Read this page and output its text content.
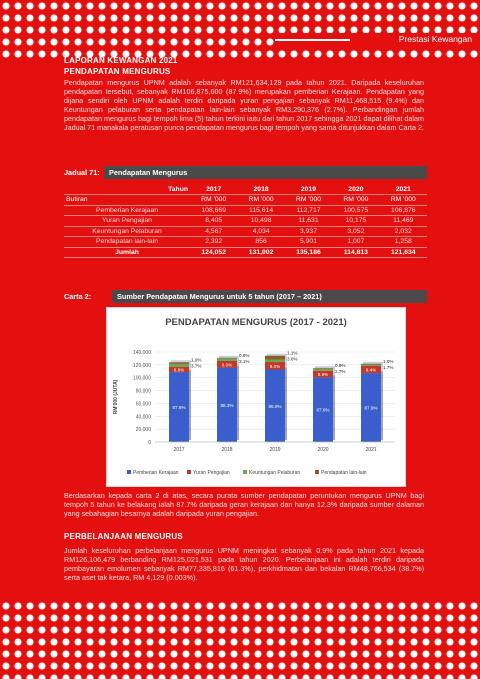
Prestasi Kewangan
LAPORAN KEWANGAN 2021
PENDAPATAN MENGURUS
Pendapatan mengurus UPNM adalah sebanyak RM121,634,129 pada tahun 2021. Daripada keseluruhan pendapatan tersebut, sebanyak RM106,875,600 (87.9%) merupakan pemberian Kerajaan. Pendapatan yang dijana sendiri oleh UPNM adalah terdiri daripada yuran pengajian sebanyak RM11,468,515 (9.4%) dan Keuntungan pelaburan serta pendapatan lain-lain sebanyak RM3,290,376 (2.7%). Perbandingan jumlah pendapatan mengurus bagi tempoh lima (5) tahun terkini iaitu dari tahun 2017 sehingga 2021 dapat dilihat dalam Jadual 71 manakala peratusan punca pendapatan mengurus bagi tempoh yang sama ditunjukkan dalam Carta 2.
Jadual 71:	Pendapatan Mengurus
Tahun	2017	2018	2019	2020	2021
Butiran	RM '000	RM '000	RM '000	RM '000	RM '000
Pemberian Kerajaan	108,669	115,614	112,717	100,575	106,876
Yuran Pengajian	8,405	10,498	11,631	10,175	11,469
Keuntungan Pelaburan	4,567	4,034	3,937	3,052	2,032
Pendapatan lain-lain	2,392	856	5,901	1,007	1,258
Jumlah	124,052	131,002	135,186	114,813	121,634
Carta 2:	Sumber Pendapatan Mengurus untuk 5 tahun (2017 – 2021)
PENDAPATAN MENGURUS (2017 - 2021)
0
20,000
40,000
60,000
80,000
100,000
120,000
140,000
RM'000 (JUTA)	87.6%
6.8%
1.9%
3.7%
2017
88.3%
8.0%
0.6%
3.1%
2018
86.9%
9.0%
1.1%
3.0%
2019
87.6%
8.9%
0.9%
2.7%
2020
87.9%
9.4%
1.0%
1.7%
2021
Pemberian Kerajaan	Yuran Pengajian	Keuntungan Pelaburan	Pendapatan lain-lain
Berdasarkan kepada carta 2 di atas, secara purata sumber pendapatan peruntukan mengurus UPNM bagi tempoh 5 tahun ke belakang ialah 87.7% daripada geran kerajaan dan hanya 12.3% daripada sumber dalaman yang sebahagian besarnya adalah daripada yuran pengajian.
PERBELANJAAN MENGURUS
Jumlah keseluruhan perbelanjaan mengurus UPNM meningkat sebanyak 0.9% pada tahun 2021 kepada RM126,106,479 berbanding RM125,021,531 pada tahun 2020. Perbelanjaan ini adalah terdiri daripada pembayaran emolumen sebanyak RM77,335,816 (61.3%), perkhidmatan dan bekalan RM48,766,534 (38.7%) serta aset tak ketara, RM 4,129 (0.003%).
